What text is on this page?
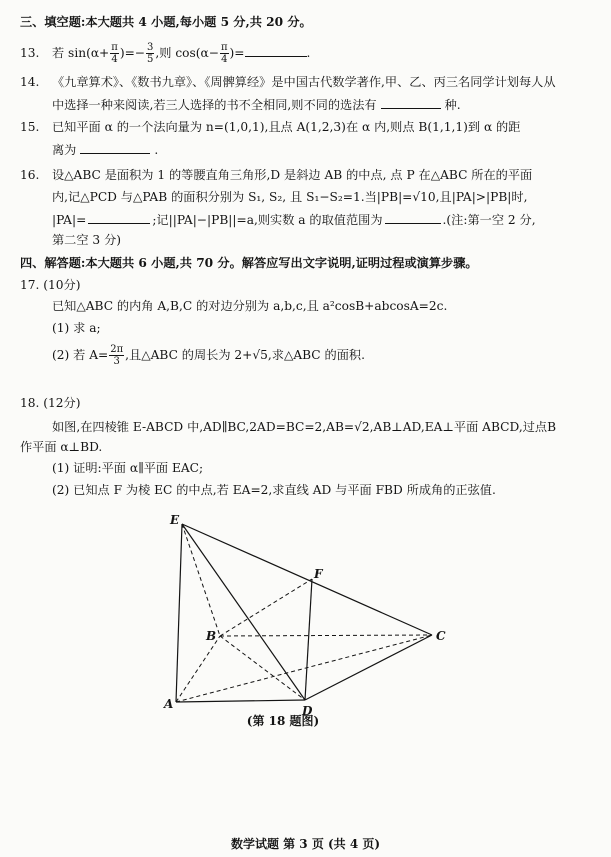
三、填空题:本大题共 4 小题,每小题 5 分,共 20 分。
13. 若 $\sin(\alpha+ \frac{\pi}{4}$ )=− $\frac{3}{5}$ ,则 $\cos(\alpha- \frac{\pi}{4}$ )=	.
14. 《九章算术》、《数书九章》、《周髀算经》是中国古代数学著作,甲、乙、丙三名同学计划每人从
中选择一种来阅读,若三人选择的书不全相同,则不同的选法有	种.
15. 已知平面 α 的一个法向量为 n=(1,0,1),且点 A(1,2,3)在 α 内,则点 B(1,1,1)到 α 的距
离为	.
16. 设△ABC 是面积为 1 的等腰直角三角形,D 是斜边 AB 的中点, 点 P 在△ABC 所在的平面
内,记△PCD 与△PAB 的面积分别为 S₁, S₂, 且 S₁−S₂=1.当|PB|=√10,且|PA|>|PB|时,
|PA|=	;记||PA|−|PB||=a,则实数 a 的取值范围为	.(注:第一空 2 分,
第二空 3 分)
四、解答题:本大题共 6 小题,共 70 分。解答应写出文字说明,证明过程或演算步骤。
17. (10分)
已知△ABC 的内角 A,B,C 的对边分别为 a,b,c,且 a²cosB+abcosA=2c.
(1) 求 a;
(2) 若 $A= \frac{2\pi}{3}$ ,且△ABC 的周长为 2+√5,求△ABC 的面积.
18. (12分)
如图,在四棱锥 E-ABCD 中,AD∥BC,2AD=BC=2,AB=√2,AB⊥AD,EA⊥平面 ABCD,过点B
作平面 α⊥BD.
(1) 证明:平面 α∥平面 EAC;
(2) 已知点 F 为棱 EC 的中点,若 EA=2,求直线 AD 与平面 FBD 所成角的正弦值.
E
F
B	C
A	D
(第 18 题图)
数学试题 第 3 页 (共 4 页)
